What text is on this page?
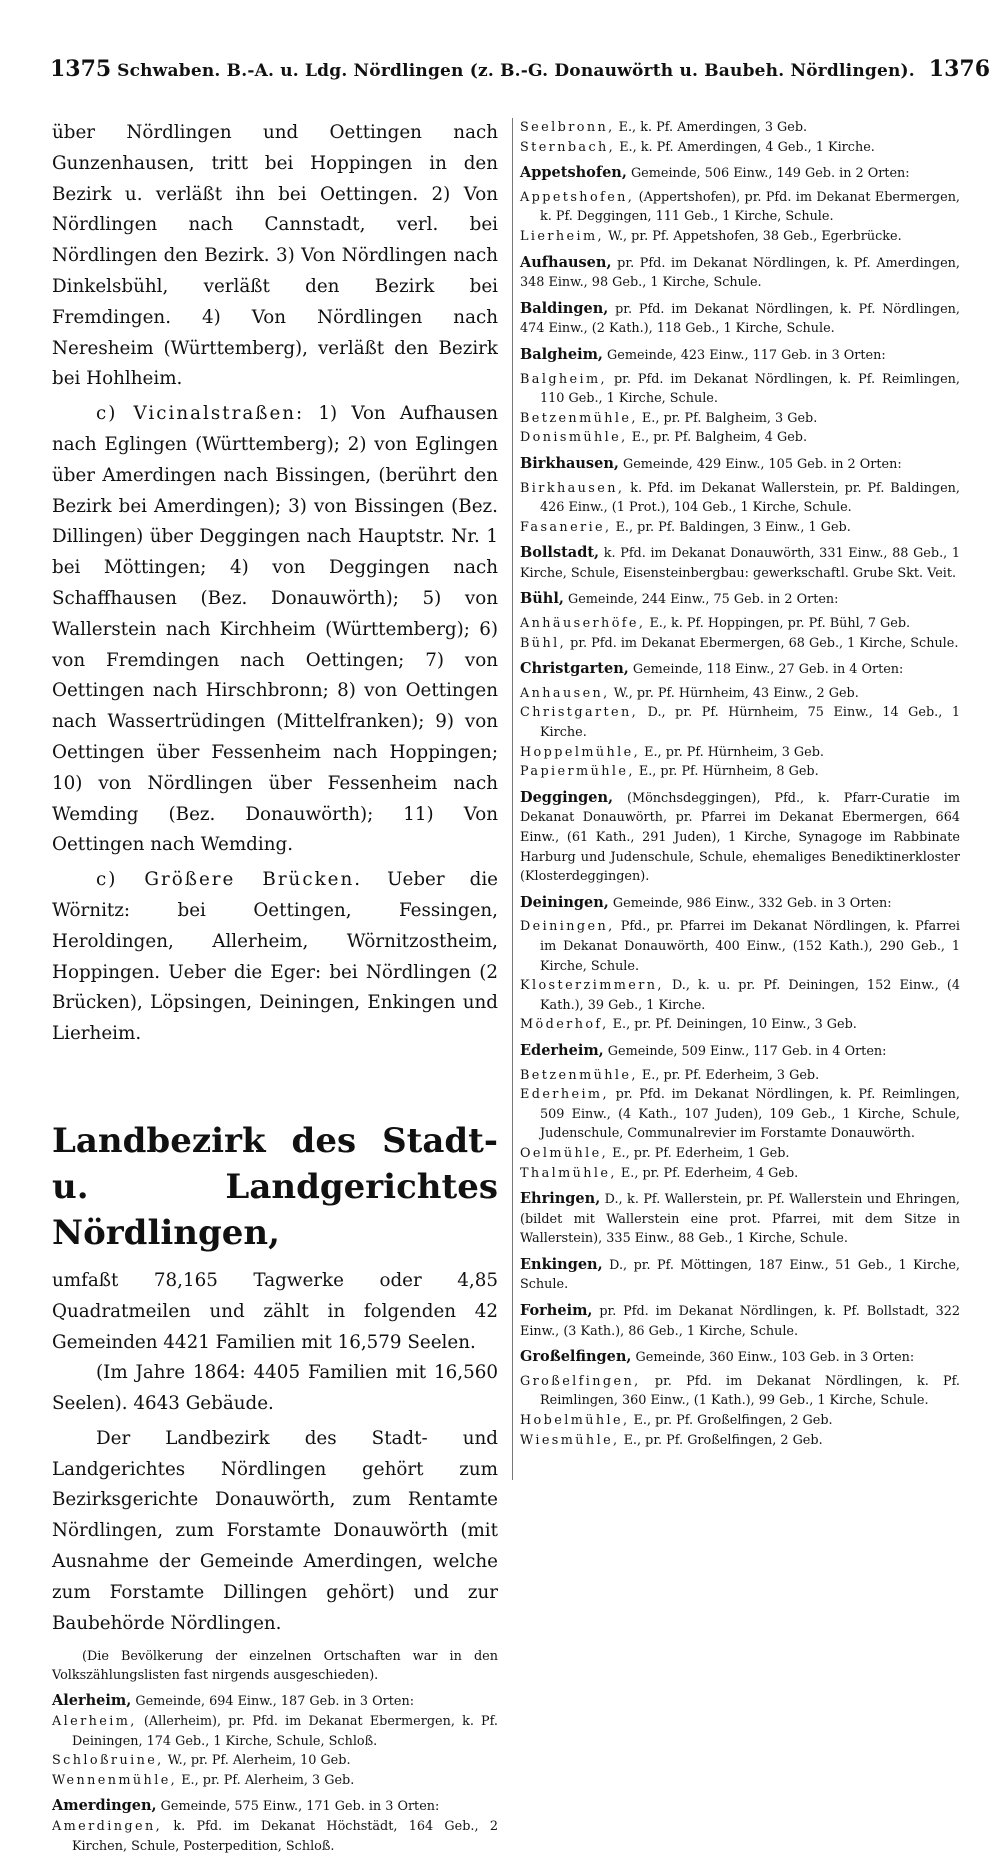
1375 Schwaben. B.-A. u. Ldg. Nördlingen (z. B.-G. Donauwörth u. Baubeh. Nördlingen). 1376

über Nördlingen und Oettingen nach Gunzenhausen, tritt bei Hoppingen in den Bezirk u. verläßt ihn bei Oettingen. 2) Von Nördlingen nach Cannstadt, verl. bei Nördlingen den Bezirk. 3) Von Nördlingen nach Dinkelsbühl, verläßt den Bezirk bei Fremdingen. 4) Von Nördlingen nach Neresheim (Württemberg), verläßt den Bezirk bei Hohlheim.

c) Vicinalstraßen: 1) Von Aufhausen nach Eglingen (Württemberg); 2) von Eglingen über Amerdingen nach Bissingen, (berührt den Bezirk bei Amerdingen); 3) von Bissingen (Bez. Dillingen) über Deggingen nach Hauptstr. Nr. 1 bei Möttingen; 4) von Deggingen nach Schaffhausen (Bez. Donauwörth); 5) von Wallerstein nach Kirchheim (Württemberg); 6) von Fremdingen nach Oettingen; 7) von Oettingen nach Hirschbronn; 8) von Oettingen nach Wassertrüdingen (Mittelfranken); 9) von Oettingen über Fessenheim nach Hoppingen; 10) von Nördlingen über Fessenheim nach Wemding (Bez. Donauwörth); 11) Von Oettingen nach Wemding.

c) Größere Brücken. Ueber die Wörnitz: bei Oettingen, Fessingen, Heroldingen, Allerheim, Wörnitzostheim, Hoppingen. Ueber die Eger: bei Nördlingen (2 Brücken), Löpsingen, Deiningen, Enkingen und Lierheim.

Landbezirk des Stadt- u. Landgerichtes Nördlingen,

umfaßt 78,165 Tagwerke oder 4,85 Quadratmeilen und zählt in folgenden 42 Gemeinden 4421 Familien mit 16,579 Seelen.

(Im Jahre 1864: 4405 Familien mit 16,560 Seelen). 4643 Gebäude.

Der Landbezirk des Stadt- und Landgerichtes Nördlingen gehört zum Bezirksgerichte Donauwörth, zum Rentamte Nördlingen, zum Forstamte Donauwörth (mit Ausnahme der Gemeinde Amerdingen, welche zum Forstamte Dillingen gehört) und zur Baubehörde Nördlingen.

(Die Bevölkerung der einzelnen Ortschaften war in den Volkszählungslisten fast nirgends ausgeschieden).

Alerheim, Gemeinde, 694 Einw., 187 Geb. in 3 Orten:

Alerheim, (Allerheim), pr. Pfd. im Dekanat Ebermergen, k. Pf. Deiningen, 174 Geb., 1 Kirche, Schule, Schloß.

Schloßruine, W., pr. Pf. Alerheim, 10 Geb.

Wennenmühle, E., pr. Pf. Alerheim, 3 Geb.

Amerdingen, Gemeinde, 575 Einw., 171 Geb. in 3 Orten:

Amerdingen, k. Pfd. im Dekanat Höchstädt, 164 Geb., 2 Kirchen, Schule, Posterpedition, Schloß.

Seelbronn, E., k. Pf. Amerdingen, 3 Geb.

Sternbach, E., k. Pf. Amerdingen, 4 Geb., 1 Kirche.

Appetshofen, Gemeinde, 506 Einw., 149 Geb. in 2 Orten:

Appetshofen, (Appertshofen), pr. Pfd. im Dekanat Ebermergen, k. Pf. Deggingen, 111 Geb., 1 Kirche, Schule.

Lierheim, W., pr. Pf. Appetshofen, 38 Geb., Egerbrücke.

Aufhausen, pr. Pfd. im Dekanat Nördlingen, k. Pf. Amerdingen, 348 Einw., 98 Geb., 1 Kirche, Schule.

Baldingen, pr. Pfd. im Dekanat Nördlingen, k. Pf. Nördlingen, 474 Einw., (2 Kath.), 118 Geb., 1 Kirche, Schule.

Balgheim, Gemeinde, 423 Einw., 117 Geb. in 3 Orten:

Balgheim, pr. Pfd. im Dekanat Nördlingen, k. Pf. Reimlingen, 110 Geb., 1 Kirche, Schule.

Betzenmühle, E., pr. Pf. Balgheim, 3 Geb.

Donismühle, E., pr. Pf. Balgheim, 4 Geb.

Birkhausen, Gemeinde, 429 Einw., 105 Geb. in 2 Orten:

Birkhausen, k. Pfd. im Dekanat Wallerstein, pr. Pf. Baldingen, 426 Einw., (1 Prot.), 104 Geb., 1 Kirche, Schule.

Fasanerie, E., pr. Pf. Baldingen, 3 Einw., 1 Geb.

Bollstadt, k. Pfd. im Dekanat Donauwörth, 331 Einw., 88 Geb., 1 Kirche, Schule, Eisensteinbergbau: gewerkschaftl. Grube Skt. Veit.

Bühl, Gemeinde, 244 Einw., 75 Geb. in 2 Orten:

Anhäuserhöfe, E., k. Pf. Hoppingen, pr. Pf. Bühl, 7 Geb.

Bühl, pr. Pfd. im Dekanat Ebermergen, 68 Geb., 1 Kirche, Schule.

Christgarten, Gemeinde, 118 Einw., 27 Geb. in 4 Orten:

Anhausen, W., pr. Pf. Hürnheim, 43 Einw., 2 Geb.

Christgarten, D., pr. Pf. Hürnheim, 75 Einw., 14 Geb., 1 Kirche.

Hoppelmühle, E., pr. Pf. Hürnheim, 3 Geb.

Papiermühle, E., pr. Pf. Hürnheim, 8 Geb.

Deggingen, (Mönchsdeggingen), Pfd., k. Pfarr-Curatie im Dekanat Donauwörth, pr. Pfarrei im Dekanat Ebermergen, 664 Einw., (61 Kath., 291 Juden), 1 Kirche, Synagoge im Rabbinate Harburg und Judenschule, Schule, ehemaliges Benediktinerkloster (Klosterdeggingen).

Deiningen, Gemeinde, 986 Einw., 332 Geb. in 3 Orten:

Deiningen, Pfd., pr. Pfarrei im Dekanat Nördlingen, k. Pfarrei im Dekanat Donauwörth, 400 Einw., (152 Kath.), 290 Geb., 1 Kirche, Schule.

Klosterzimmern, D., k. u. pr. Pf. Deiningen, 152 Einw., (4 Kath.), 39 Geb., 1 Kirche.

Möderhof, E., pr. Pf. Deiningen, 10 Einw., 3 Geb.

Ederheim, Gemeinde, 509 Einw., 117 Geb. in 4 Orten:

Betzenmühle, E., pr. Pf. Ederheim, 3 Geb.

Ederheim, pr. Pfd. im Dekanat Nördlingen, k. Pf. Reimlingen, 509 Einw., (4 Kath., 107 Juden), 109 Geb., 1 Kirche, Schule, Judenschule, Communalrevier im Forstamte Donauwörth.

Oelmühle, E., pr. Pf. Ederheim, 1 Geb.

Thalmühle, E., pr. Pf. Ederheim, 4 Geb.

Ehringen, D., k. Pf. Wallerstein, pr. Pf. Wallerstein und Ehringen, (bildet mit Wallerstein eine prot. Pfarrei, mit dem Sitze in Wallerstein), 335 Einw., 88 Geb., 1 Kirche, Schule.

Enkingen, D., pr. Pf. Möttingen, 187 Einw., 51 Geb., 1 Kirche, Schule.

Forheim, pr. Pfd. im Dekanat Nördlingen, k. Pf. Bollstadt, 322 Einw., (3 Kath.), 86 Geb., 1 Kirche, Schule.

Großelfingen, Gemeinde, 360 Einw., 103 Geb. in 3 Orten:

Großelfingen, pr. Pfd. im Dekanat Nördlingen, k. Pf. Reimlingen, 360 Einw., (1 Kath.), 99 Geb., 1 Kirche, Schule.

Hobelmühle, E., pr. Pf. Großelfingen, 2 Geb.

Wiesmühle, E., pr. Pf. Großelfingen, 2 Geb.
